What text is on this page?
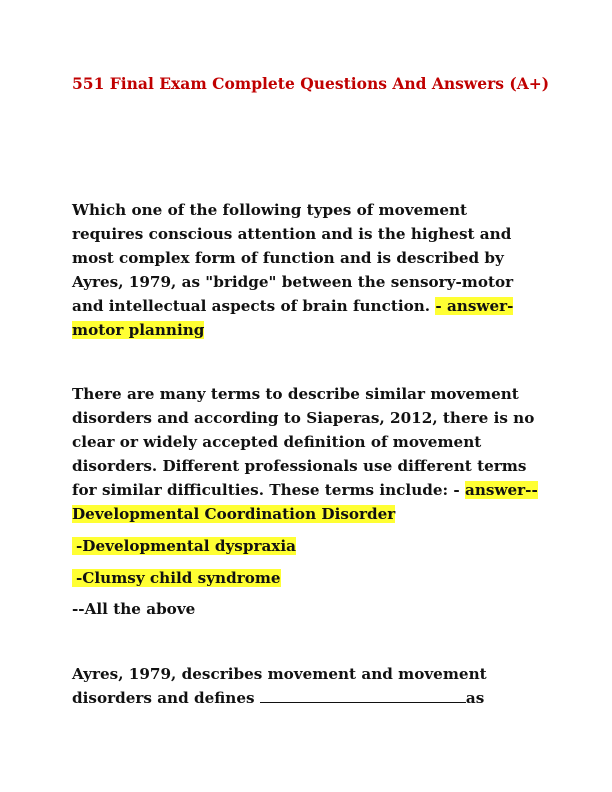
551 Final Exam Complete Questions And Answers (A+)
Which one of the following types of movement requires conscious attention and is the highest and most complex form of function and is described by Ayres, 1979, as "bridge" between the sensory-motor and intellectual aspects of brain function. - answer-motor planning
There are many terms to describe similar movement disorders and according to Siaperas, 2012, there is no clear or widely accepted definition of movement disorders. Different professionals use different terms for similar difficulties. These terms include: - answer--Developmental Coordination Disorder
-Developmental dyspraxia
-Clumsy child syndrome
--All the above
Ayres, 1979, describes movement and movement disorders and defines	as
